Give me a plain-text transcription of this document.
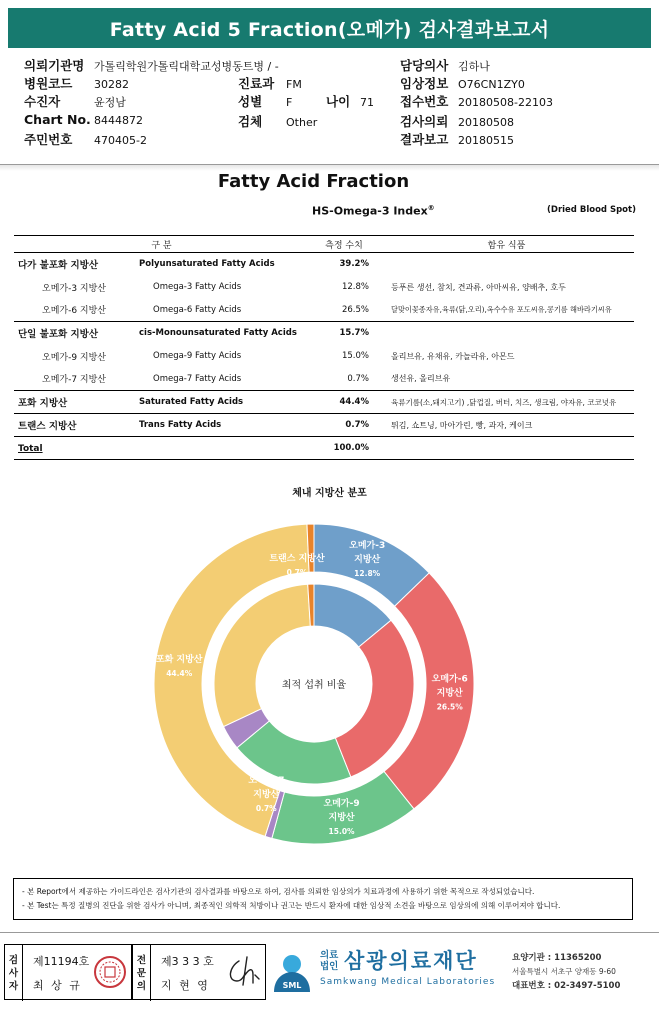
Fatty Acid 5 Fraction(오메가) 검사결과보고서
의뢰기관명 가톨릭학원가톨릭대학교성병동트병 / -
병원코드 30282
수진자	윤정남
Chart No. 8444872
주민번호 470405-2
진료과 FM
성별 F	나이 71
검체 Other
담당의사 김하나
임상정보 O76CN1ZY0
접수번호 20180508-22103
검사의뢰 20180508
결과보고 20180515
Fatty Acid Fraction
HS-Omega-3 Index®	(Dried Blood Spot)
구 분		측정 수치	함유 식품
다가 불포화 지방산	Polyunsaturated Fatty Acids	39.2%	
오메가-3 지방산	Omega-3 Fatty Acids	12.8%	등푸른 생선, 참치, 견과류, 아마씨유, 양배추, 호두
오메가-6 지방산	Omega-6 Fatty Acids	26.5%	달맞이꽃종자유,육류(닭,오리),옥수수유 포도씨유,콩기름 해바라기씨유
단일 불포화 지방산	cis-Monounsaturated Fatty Acids	15.7%	
오메가-9 지방산	Omega-9 Fatty Acids	15.0%	올리브유, 유채유, 카놀라유, 아몬드
오메가-7 지방산	Omega-7 Fatty Acids	0.7%	생선유, 올리브유
포화 지방산	Saturated Fatty Acids	44.4%	육류기름(소,돼지고기) ,닭껍질, 버터, 치즈, 생크림, 야자유, 코코넛유
트랜스 지방산	Trans Fatty Acids	0.7%	튀김, 쇼트닝, 마아가린, 빵, 과자, 케이크
Total		100.0%	
체내 지방산 분포
최적 섭취 비율
오메가-3
지방산
12.8%
오메가-6
지방산
26.5%
오메가-9
지방산
15.0%
오메가-7
지방산
0.7%
포화 지방산
44.4%
트랜스 지방산
0.7%
- 본 Report에서 제공하는 가이드라인은 검사기관의 검사결과를 바탕으로 하여, 검사를 의뢰한 임상의가 치료과정에 사용하기 위한 목적으로 작성되었습니다.
- 본 Test는 특정 질병의 진단을 위한 검사가 아니며, 최종적인 의학적 처방이나 권고는 반드시 환자에 대한 임상적 소견을 바탕으로 임상의에 의해 이루어져야 합니다.
검
사
자
제11194호
최 상 규
전
문
의
제3 3 3 호
지 현 영	SML
의료
법인 삼광의료재단
Samkwang Medical Laboratories
요양기관 : 11365200
서울특별시 서초구 양재동 9-60
대표번호 : 02-3497-5100
